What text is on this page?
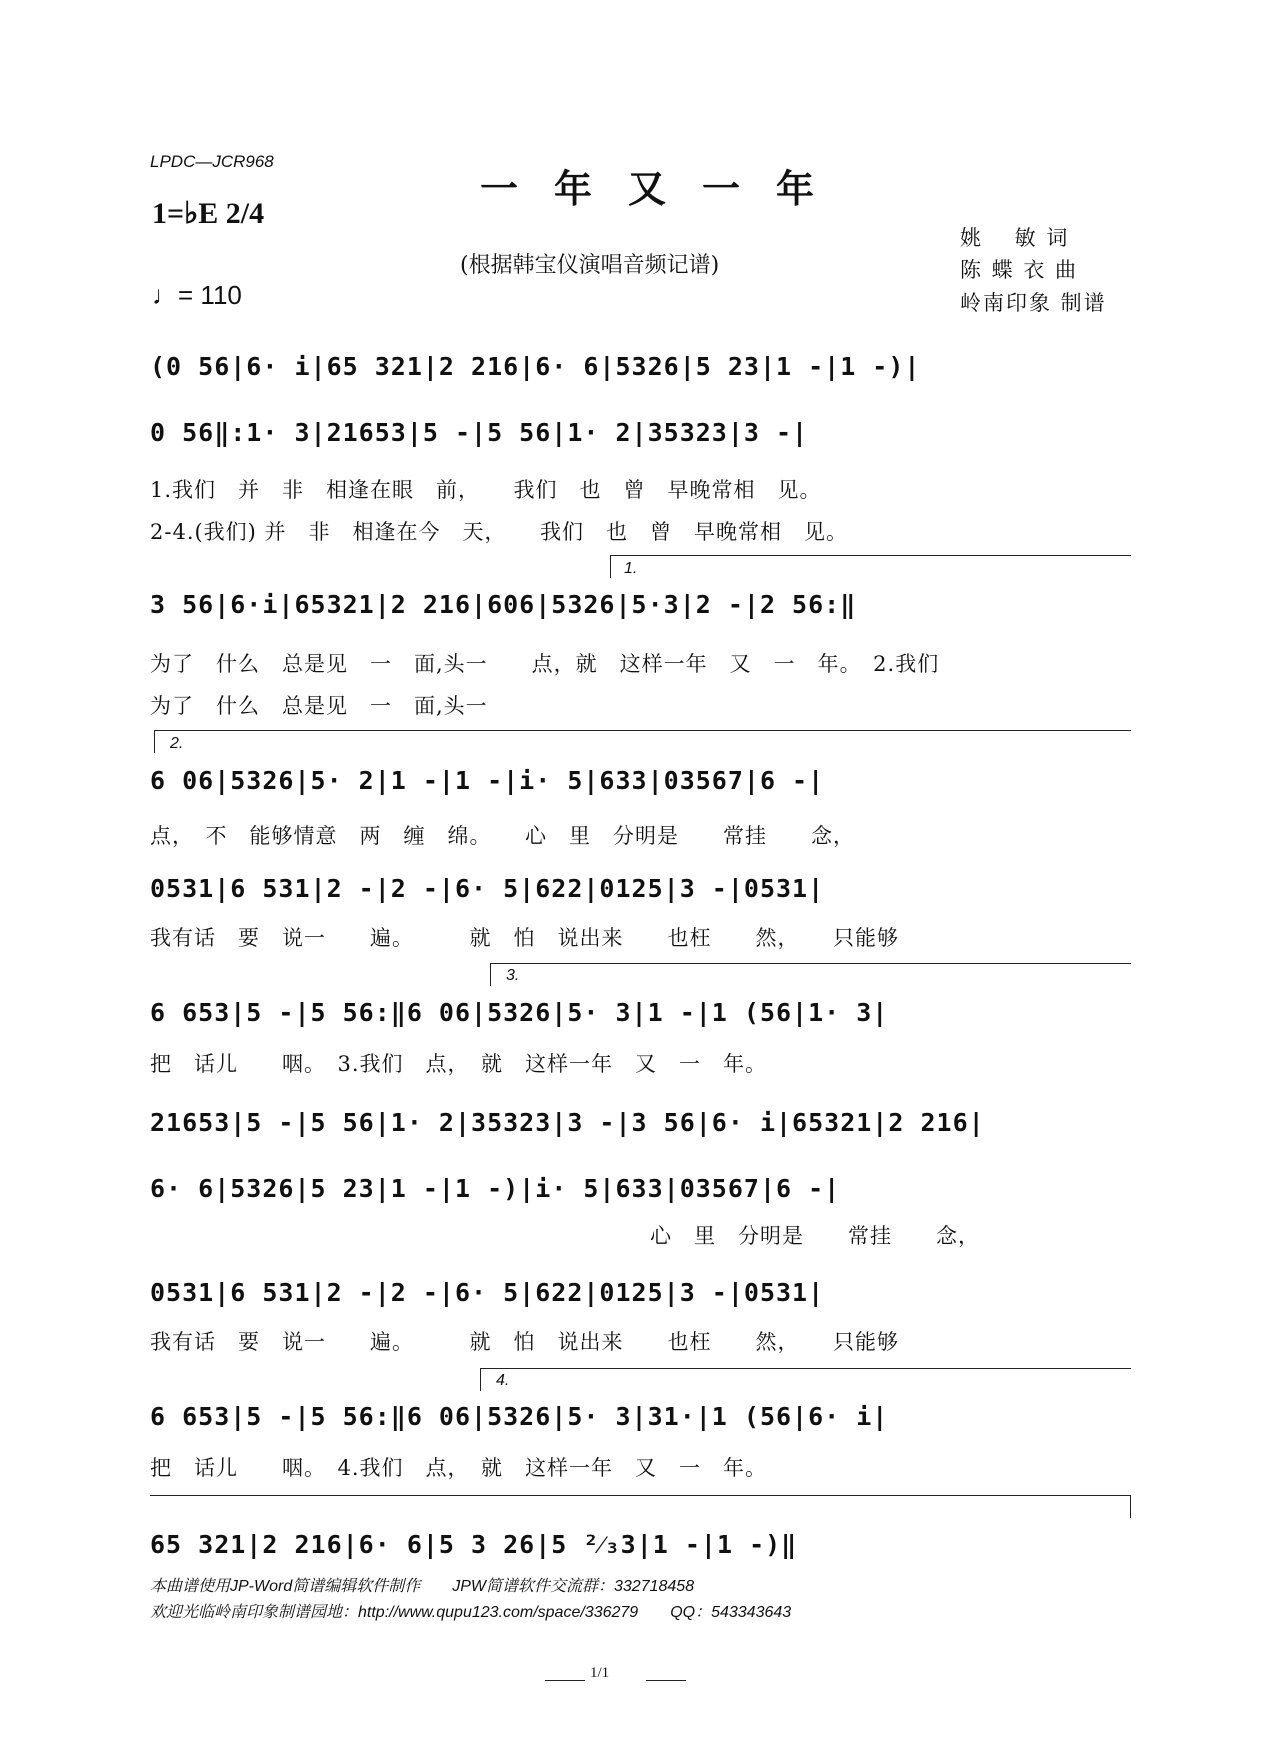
LPDC—JCR968
一年又一年
(根据韩宝仪演唱音频记谱)
1=♭E 2/4
♩= 110
姚　 敏 词
陈 蝶 衣 曲
岭南印象 制谱
(0 56|6· i|65 321|2 216|6· 6|5326|5 23|1 -|1 -)|
0 56‖:1· 3|21653|5 -|5 56|1· 2|35323|3 -|
1.我们　并　非　相逢在眼　前，　　我们　也　曾　早晚常相　见。
2-4.(我们) 并　非　相逢在今　天，　　我们　也　曾　早晚常相　见。
1.
3 56|6·i|65321|2 216|606|5326|5·3|2 -|2 56:‖
为了　什么　总是见　一　面,头一　　点，就　这样一年　又　一　年。　2.我们
为了　什么　总是见　一　面,头一
2.
6 06|5326|5· 2|1 -|1 -|i· 5|633|03567|6 -|
点，　不　能够情意　两　缠　绵。　　心　里　分明是　　常挂　　念，
0531|6 531|2 -|2 -|6· 5|622|0125|3 -|0531|
我有话　要　说一　　遍。　　　就　怕　说出来　　也枉　　然，　　只能够
3.
6 653|5 -|5 56:‖6 06|5326|5· 3|1 -|1 (56|1· 3|
把　话儿　　咽。　3.我们　点，　就　这样一年　又　一　年。
21653|5 -|5 56|1· 2|35323|3 -|3 56|6· i|65321|2 216|
6· 6|5326|5 23|1 -|1 -)|i· 5|633|03567|6 -|
心　里　分明是　　常挂　　念，
0531|6 531|2 -|2 -|6· 5|622|0125|3 -|0531|
我有话　要　说一　　遍。　　　就　怕　说出来　　也枉　　然，　　只能够
4.
6 653|5 -|5 56:‖6 06|5326|5· 3|31·|1 (56|6· i|
把　话儿　　咽。　4.我们　点，　就　这样一年　又　一　年。
65 321|2 216|6· 6|5 3 26|5 ²⁄₃3|1 -|1 -)‖
本曲谱使用JP-Word简谱编辑软件制作　　JPW简谱软件交流群：332718458
欢迎光临岭南印象制谱园地：http://www.qupu123.com/space/336279　　QQ：543343643
1/1
